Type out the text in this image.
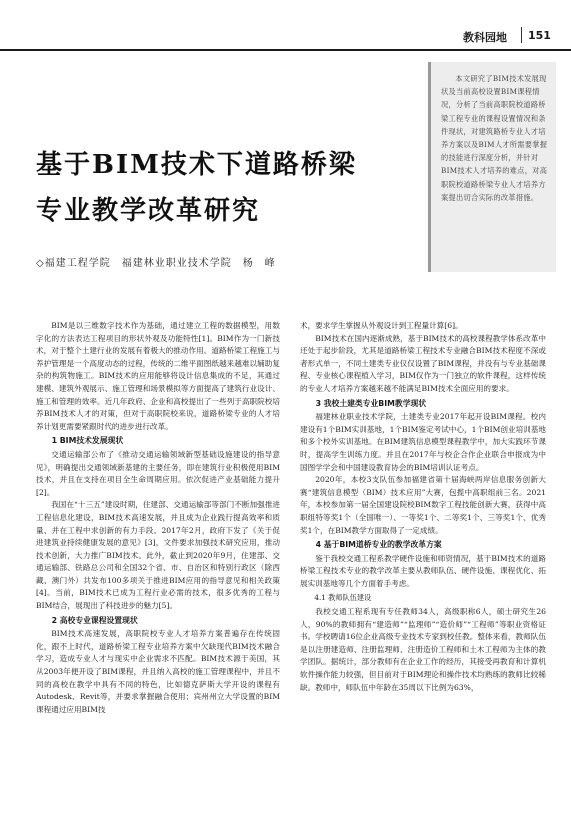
教科园地 151

本文研究了BIM技术发展现状及当前高校设置BIM课程情况，分析了当前高职院校道路桥梁工程专业的课程设置情况和条件现状，对建筑路桥专业人才培养方案以及BIM人才所需要掌握的技能进行深度分析，并针对BIM技术人才培养的难点，对高职院校道路桥梁专业人才培养方案提出切合实际的改革措施。

基于BIM技术下道路桥梁
专业教学改革研究
◇福建工程学院　福建林业职业技术学院　杨　峰

BIM是以三维数字技术作为基础，通过建立工程的数据模型，用数字化的方法表达工程项目的形状外观及功能特性[1]。BIM作为一门新技术，对于整个土建行业的发展有着极大的推动作用。道路桥梁工程施工与养护管理是一个高度动态的过程，传统的二维平面图纸越来越难以辅助复杂的构筑物施工。BIM技术的应用能够将设计信息集成的不足，其通过建模、建筑外观展示、施工管理和场景模拟等方面提高了建筑行业设计、施工和管理的效率。近几年政府、企业和高校提出了一些列于高职院校培养BIM技术人才的对策，但对于高职院校来说，道路桥梁专业的人才培养计划更需要紧跟时代的进步进行改革。

1 BIM技术发展现状

交通运输部公布了《推动交通运输领域新型基础设施建设的指导意见》，明确提出交通领域新基建的主要任务，即在建筑行业积极使用BIM技术，并且在支持在项目全生命周期应用。依次促进产业基础能力提升[2]。

我国在“十三五”建设时期，住建部、交通运输部等部门不断加强推进工程信息化建设，BIM技术高速发展，并且成为企业践行提高效率和质量、并在工程中求创新的有力手段。2017年2月，政府下发了《关于促进建筑业持续健康发展的意见》[3]，文件要求加强技术研究应用，推动技术创新，大力推广BIM技术。此外，截止到2020年9月，住建部、交通运输部、铁路总公司和全国32个省、市、自治区和特别行政区（除西藏、澳门外）共发布100多项关于推进BIM应用的指导意见和相关政策[4]。当前，BIM技术已成为工程行业必需的技术，很多优秀的工程与BIM结合，展现出了科技进步的魅力[5]。

2 高校专业课程设置现状

BIM技术高速发展，高职院校专业人才培养方案普遍存在传统固化，跟不上时代，道路桥梁工程专业培养方案中欠缺现代BIM技术融合学习，造成专业人才与现实中企业需求不匹配。BIM技术源于美国，其从2003年便开设了BIM课程，并且纳入高校的施工管理课程中，并且不同的高校在教学中具有不同的特色，比如德克萨斯大学开设的课程有Autodesk、Revit等，并要求掌握融合使用；宾州州立大学设置的BIM课程通过应用BIM技

术，要求学生掌握从外观设计到工程量计算[6]。

BIM技术在国内逐渐成熟，基于BIM技术的高校课程教学体系改革中还处于起步阶段，尤其是道路桥梁工程技术专业融合BIM技术程度不深或者形式单一，不同土建类专业仅仅设置了BIM课程，并没有与专业基础课程、专业核心课程植入学习，BIM仅作为一门独立的软件课程，这样传统的专业人才培养方案越来越不能满足BIM技术全面应用的要求。

3 我校土建类专业BIM教学现状

福建林业职业技术学院，土建类专业2017年起开设BIM课程。校内建设有1个BIM实训基地，1个BIM鉴定考试中心，1个BIM创业培训基地和多个校外实训基地。在BIM建筑信息模型课程教学中，加大实践环节课时，提高学生训练力度。并且在2017年与校企合作企业联合申报成为中国图学学会和中国建设教育协会的BIM培训认证考点。

2020年，本校3支队伍参加福建省第十届海峡两岸信息服务创新大赛“建筑信息模型（BIM）技术应用”大赛，包揽中高职组前三名。2021年，本校参加第一届全国建设院校BIM数字工程技能创新大赛，获得中高职组特等奖1个（全国唯一）、一等奖1个、二等奖1个、三等奖1个、优秀奖1个，在BIM教学方面取得了一定成绩。

4 基于BIM道桥专业的教学改革方案

鉴于我校交通工程系教学硬件设施和师资情况，基于BIM技术的道路桥梁工程技术专业的教学改革主要从教师队伍、硬件设施、课程优化、拓展实训基地等几个方面着手考虑。

4.1 教师队伍建设

我校交通工程系现有专任教师34人，高级职称6人，硕士研究生26人，90%的教师拥有“建造师”“监理师”“造价师”“工程师”等职业资格证书。学校聘请16位企业高级专业技术专家到校任教。整体来看，教师队伍是以注册建造师、注册监理师、注册造价工程师和土木工程师为主体的教学团队。据统计，部分教师有在企业工作的经历，其接受再教育和计算机软件操作能力较强，但目前对于BIM理论和操作技术均熟练的教师比较稀缺。教师中，师队伍中年龄在35周以下比例为63%，
